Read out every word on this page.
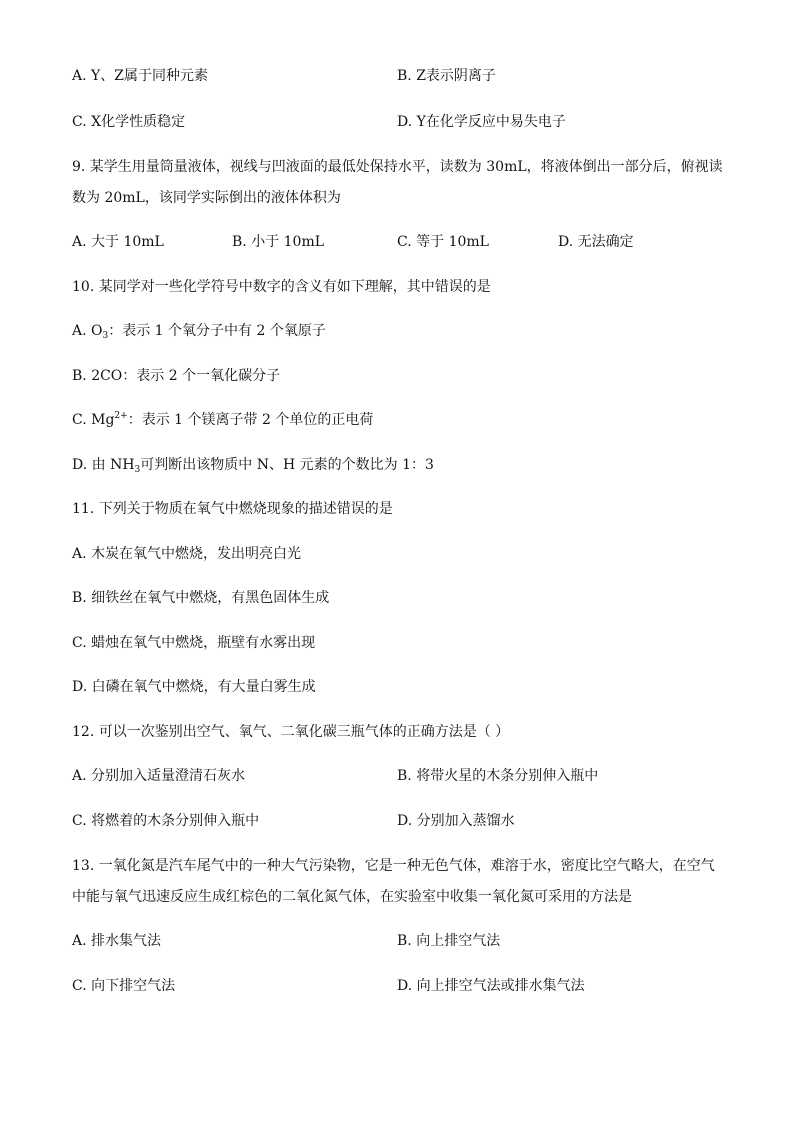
A. Y、Z属于同种元素	B. Z表示阴离子
C. X化学性质稳定	D. Y在化学反应中易失电子
9. 某学生用量筒量液体，视线与凹液面的最低处保持水平，读数为 30mL，将液体倒出一部分后，俯视读
数为 20mL，该同学实际倒出的液体体积为
A. 大于 10mL	B. 小于 10mL	C. 等于 10mL	D. 无法确定
10. 某同学对一些化学符号中数字的含义有如下理解，其中错误的是
A. $O_3$：表示 1 个氧分子中有 2 个氧原子
B. 2CO：表示 2 个一氧化碳分子
C. $Mg^{2+}$：表示 1 个镁离子带 2 个单位的正电荷
D. 由 $NH_3$可判断出该物质中 N、H 元素的个数比为 1：3
11. 下列关于物质在氧气中燃烧现象的描述错误的是
A. 木炭在氧气中燃烧，发出明亮白光
B. 细铁丝在氧气中燃烧，有黑色固体生成
C. 蜡烛在氧气中燃烧，瓶壁有水雾出现
D. 白磷在氧气中燃烧，有大量白雾生成
12. 可以一次鉴别出空气、氧气、二氧化碳三瓶气体的正确方法是（ ）
A. 分别加入适量澄清石灰水	B. 将带火星的木条分别伸入瓶中
C. 将燃着的木条分别伸入瓶中	D. 分别加入蒸馏水
13. 一氧化氮是汽车尾气中的一种大气污染物，它是一种无色气体，难溶于水，密度比空气略大，在空气
中能与氧气迅速反应生成红棕色的二氧化氮气体，在实验室中收集一氧化氮可采用的方法是
A. 排水集气法	B. 向上排空气法
C. 向下排空气法	D. 向上排空气法或排水集气法
